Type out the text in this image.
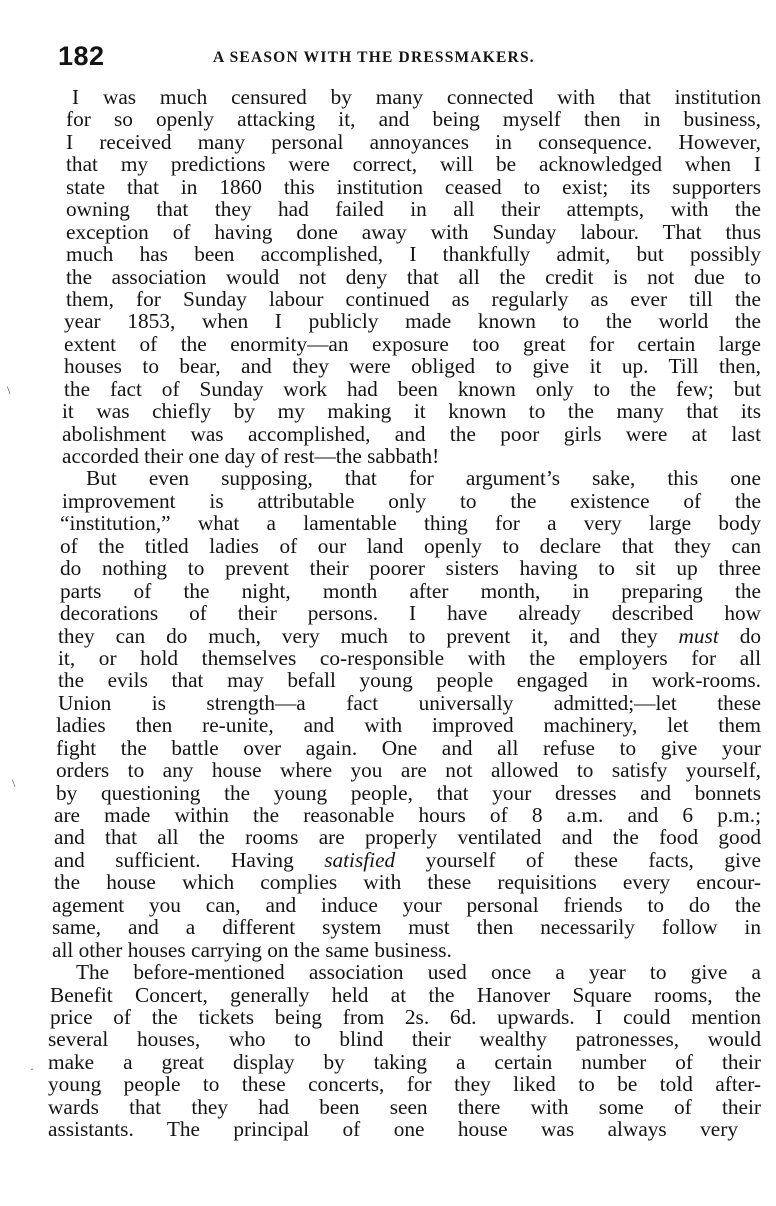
182	A SEASON WITH THE DRESSMAKERS.
\
\
·
I was much censured by many connected with that institution
for so openly attacking it, and being myself then in business,
I received many personal annoyances in consequence. However,
that my predictions were correct, will be acknowledged when I
state that in 1860 this institution ceased to exist; its supporters
owning that they had failed in all their attempts, with the
exception of having done away with Sunday labour. That thus
much has been accomplished, I thankfully admit, but possibly
the association would not deny that all the credit is not due to
them, for Sunday labour continued as regularly as ever till the
year 1853, when I publicly made known to the world the
extent of the enormity—an exposure too great for certain large
houses to bear, and they were obliged to give it up. Till then,
the fact of Sunday work had been known only to the few; but
it was chiefly by my making it known to the many that its
abolishment was accomplished, and the poor girls were at last
accorded their one day of rest—the sabbath!
But even supposing, that for argument’s sake, this one
improvement is attributable only to the existence of the
“institution,” what a lamentable thing for a very large body
of the titled ladies of our land openly to declare that they can
do nothing to prevent their poorer sisters having to sit up three
parts of the night, month after month, in preparing the
decorations of their persons. I have already described how
they can do much, very much to prevent it, and they must do
it, or hold themselves co-responsible with the employers for all
the evils that may befall young people engaged in work-rooms.
Union is strength—a fact universally admitted;—let these
ladies then re-unite, and with improved machinery, let them
fight the battle over again. One and all refuse to give your
orders to any house where you are not allowed to satisfy yourself,
by questioning the young people, that your dresses and bonnets
are made within the reasonable hours of 8 a.m. and 6 p.m.;
and that all the rooms are properly ventilated and the food good
and sufficient. Having satisfied yourself of these facts, give
the house which complies with these requisitions every encour-
agement you can, and induce your personal friends to do the
same, and a different system must then necessarily follow in
all other houses carrying on the same business.
The before-mentioned association used once a year to give a
Benefit Concert, generally held at the Hanover Square rooms, the
price of the tickets being from 2s. 6d. upwards. I could mention
several houses, who to blind their wealthy patronesses, would
make a great display by taking a certain number of their
young people to these concerts, for they liked to be told after-
wards that they had been seen there with some of their
assistants. The principal of one house was always very
